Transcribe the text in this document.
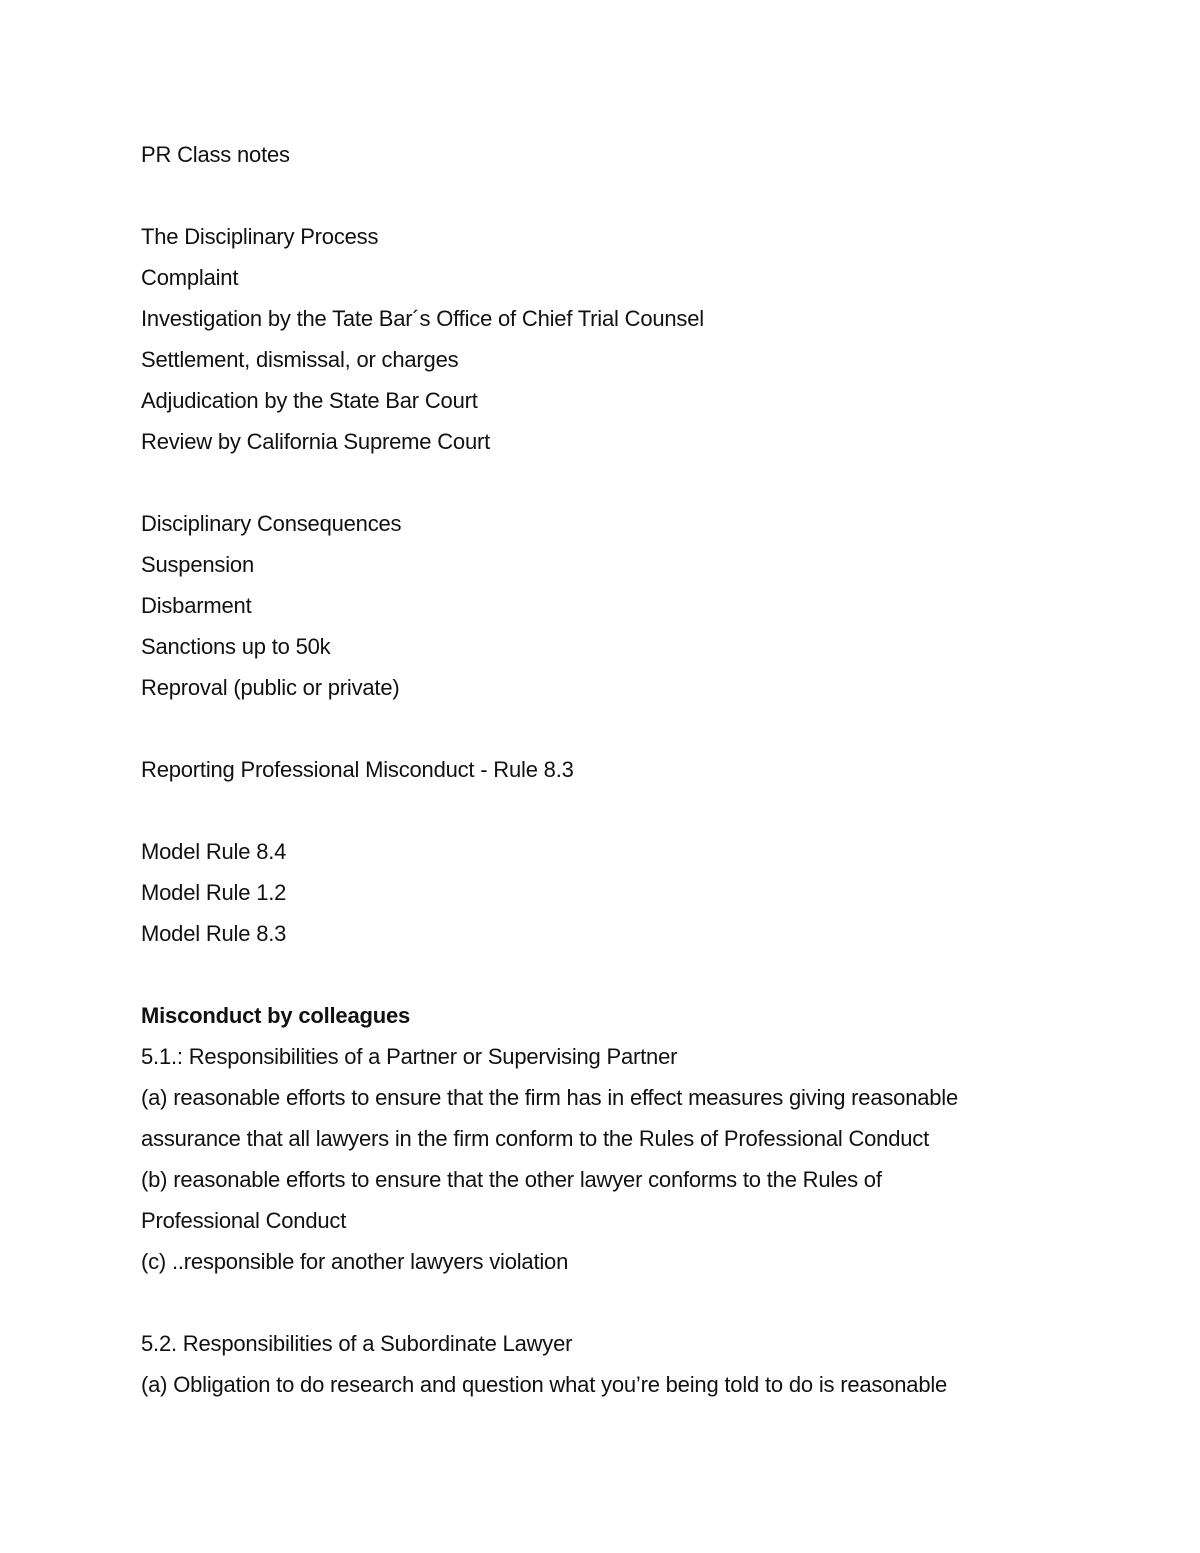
PR Class notes
The Disciplinary Process
Complaint
Investigation by the Tate Bar´s Office of Chief Trial Counsel
Settlement, dismissal, or charges
Adjudication by the State Bar Court
Review by California Supreme Court
Disciplinary Consequences
Suspension
Disbarment
Sanctions up to 50k
Reproval (public or private)
Reporting Professional Misconduct - Rule 8.3
Model Rule 8.4
Model Rule 1.2
Model Rule 8.3
Misconduct by colleagues
5.1.: Responsibilities of a Partner or Supervising Partner
(a) reasonable efforts to ensure that the firm has in effect measures giving reasonable
assurance that all lawyers in the firm conform to the Rules of Professional Conduct
(b) reasonable efforts to ensure that the other lawyer conforms to the Rules of
Professional Conduct
(c) ..responsible for another lawyers violation
5.2. Responsibilities of a Subordinate Lawyer
(a) Obligation to do research and question what you’re being told to do is reasonable
